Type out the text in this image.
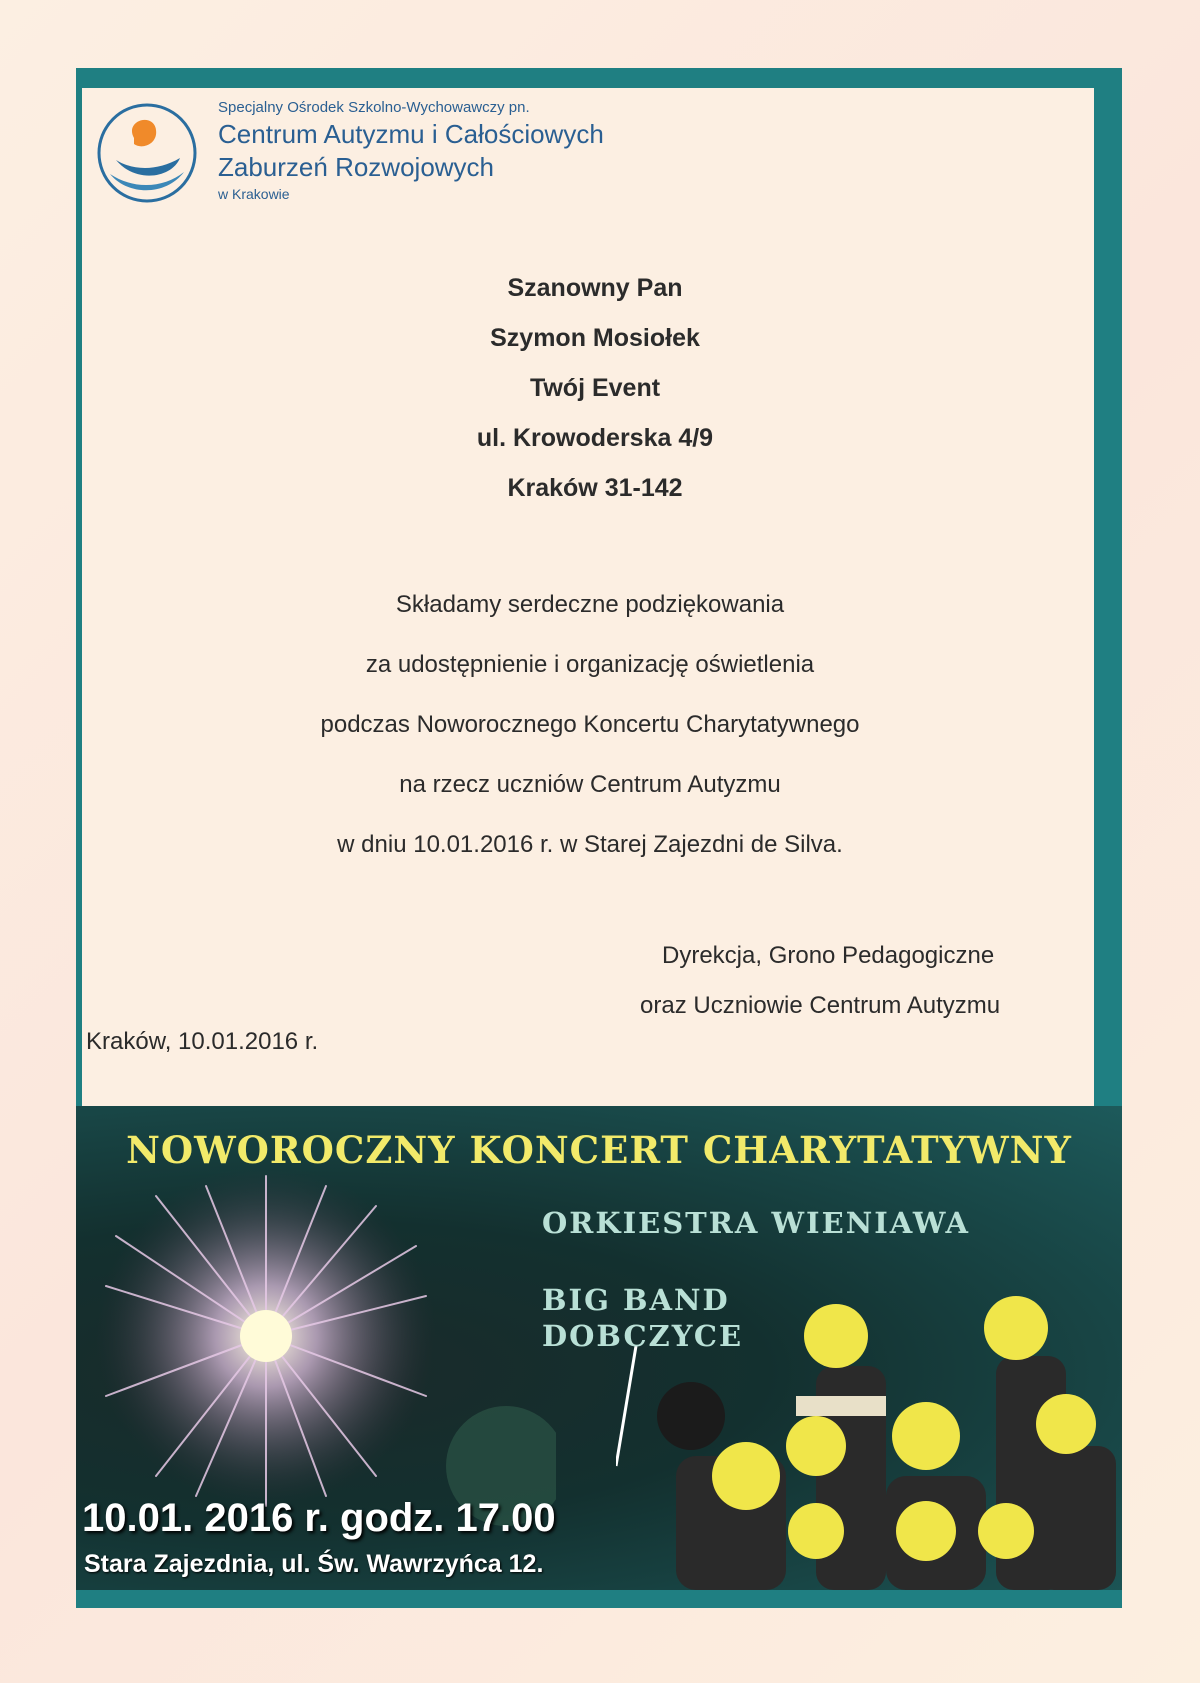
Specjalny Ośrodek Szkolno-Wychowawczy pn.
Centrum Autyzmu i Całościowych
Zaburzeń Rozwojowych
w Krakowie
Szanowny Pan
Szymon Mosiołek
Twój Event
ul. Krowoderska 4/9
Kraków 31-142
Składamy serdeczne podziękowania
za udostępnienie i organizację oświetlenia
podczas Noworocznego Koncertu Charytatywnego
na rzecz uczniów Centrum Autyzmu
w dniu 10.01.2016 r. w Starej Zajezdni de Silva.
Dyrekcja, Grono Pedagogiczne
oraz Uczniowie Centrum Autyzmu
Kraków, 10.01.2016 r.
NOWOROCZNY KONCERT CHARYTATYWNY
ORKIESTRA WIENIAWA
BIG BAND
DOBCZYCE
10.01. 2016 r. godz. 17.00
Stara Zajezdnia, ul. Św. Wawrzyńca 12.
